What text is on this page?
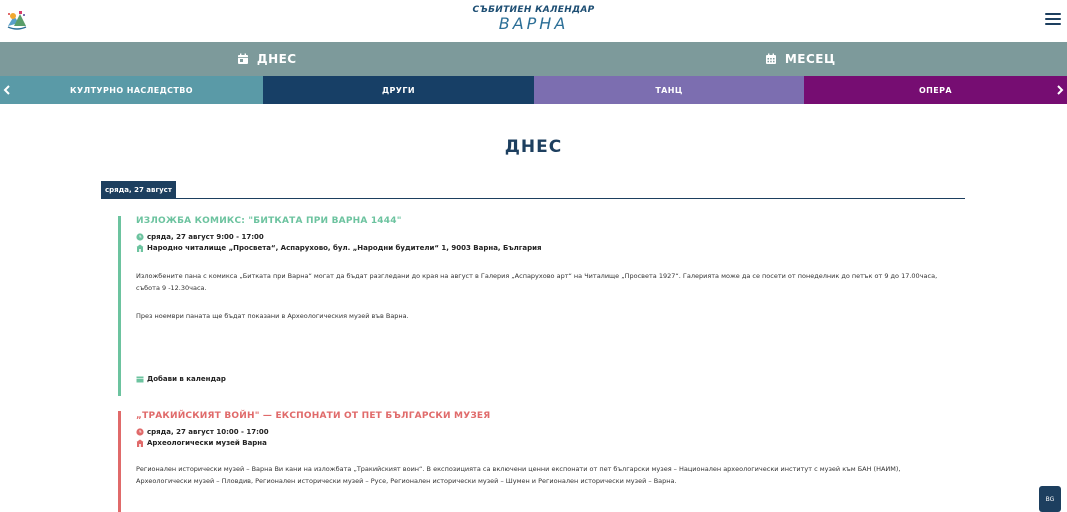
СЪБИТИЕН КАЛЕНДАР
ВАРНА
ДНЕС	МЕСЕЦ
КУЛТУРНО НАСЛЕДСТВО	ДРУГИ	ТАНЦ	ОПЕРА
ДНЕС
сряда, 27 август
ИЗЛОЖБА КОМИКС: "БИТКАТА ПРИ ВАРНА 1444"
сряда, 27 август 9:00 - 17:00
Народно читалище „Просвета“, Аспарухово, бул. „Народни будители“ 1, 9003 Варна, България
Изложбените пана с комикса „Битката при Варна“ могат да бъдат разгледани до края на август в Галерия „Аспарухово арт“ на Читалище „Просвета 1927“. Галерията може да се посети от понеделник до петък от 9 до 17.00часа, събота 9 -12.30часа.
През ноември паната ще бъдат показани в Археологическия музей във Варна.
Добави в календар
„ТРАКИЙСКИЯТ ВОЙН" — ЕКСПОНАТИ ОТ ПЕТ БЪЛГАРСКИ МУЗЕЯ
сряда, 27 август 10:00 - 17:00
Археологически музей Варна
Регионален исторически музей – Варна Ви кани на изложбата „Тракийският воин“. В експозицията са включени ценни експонати от пет български музея – Национален археологически институт с музей към БАН (НАИМ), Археологически музей – Пловдив, Регионален исторически музей – Русе, Регионален исторически музей – Шумен и Регионален исторически музей – Варна.
BG
